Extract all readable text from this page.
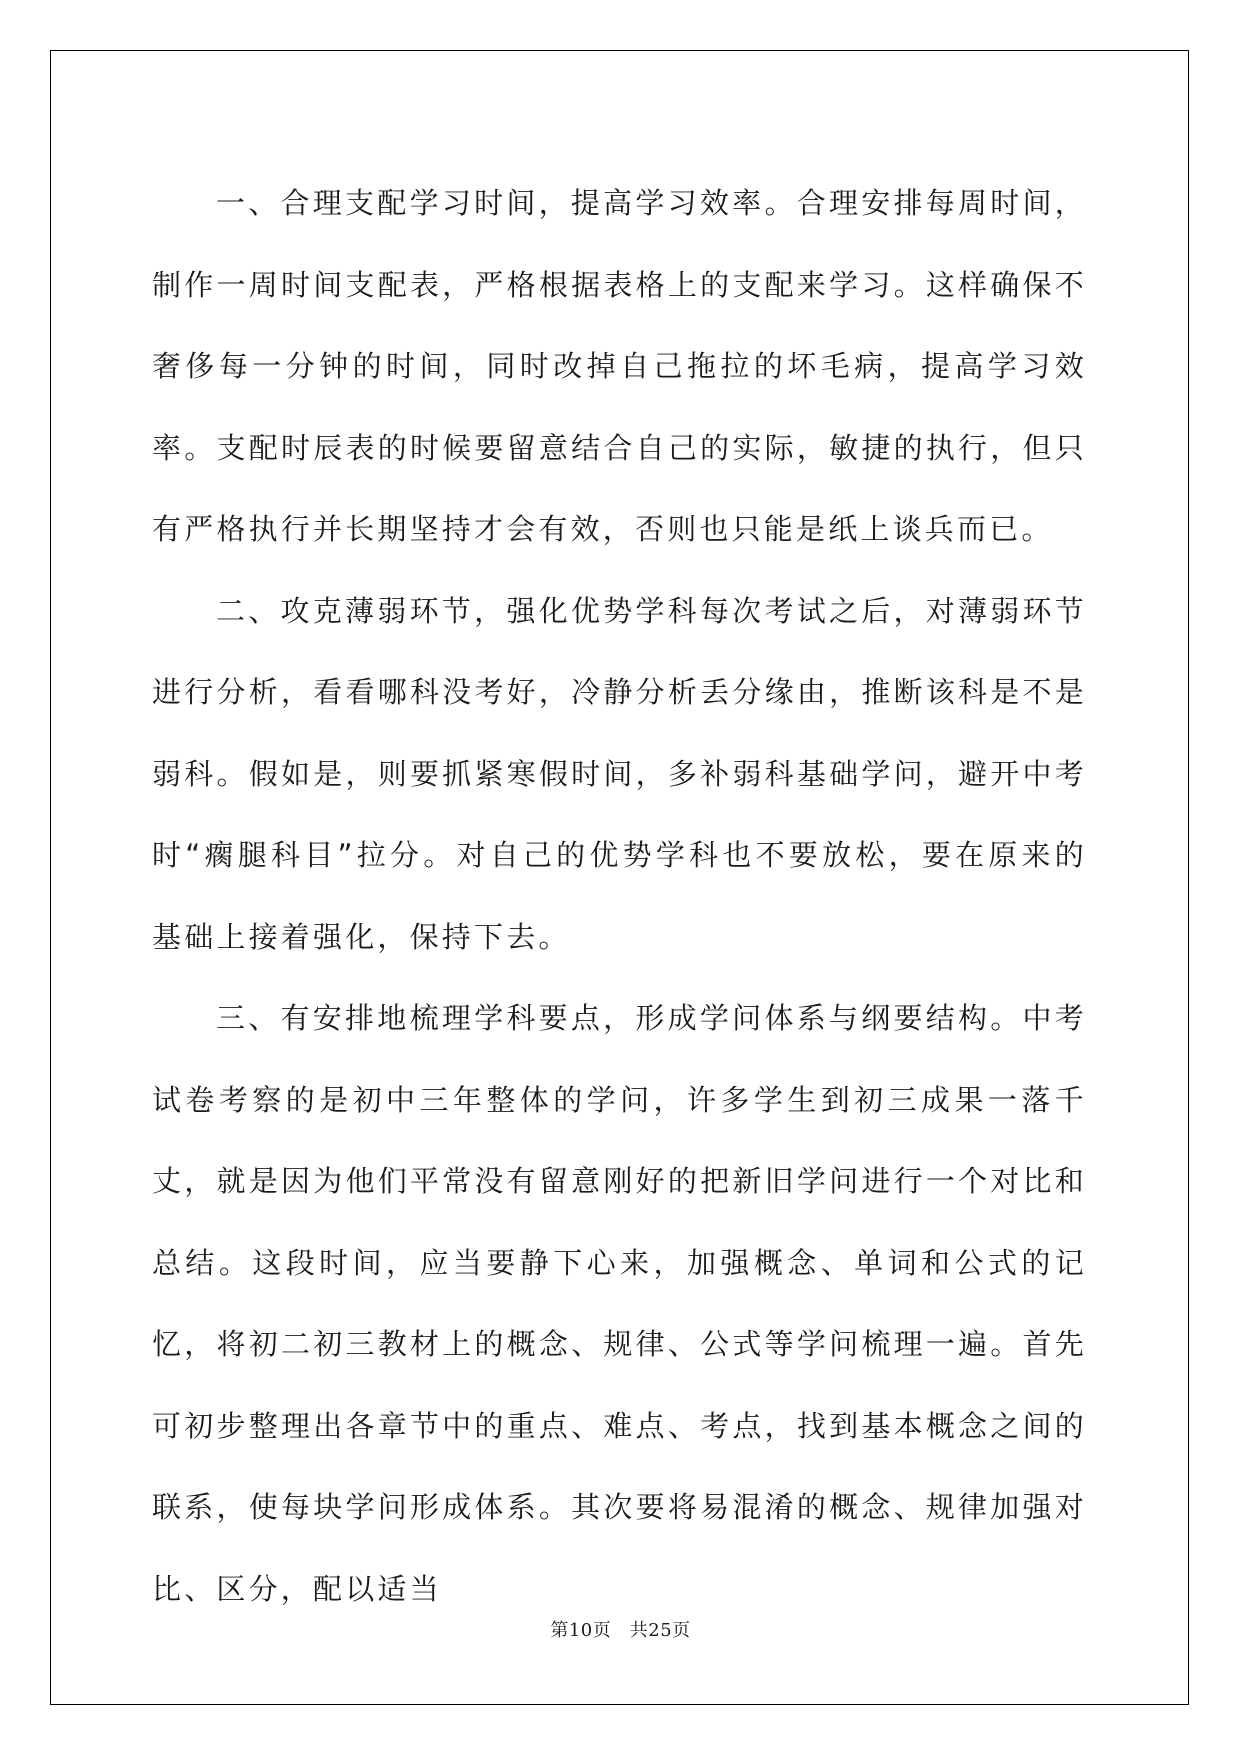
一、合理支配学习时间，提高学习效率。合理安排每周时间，制作一周时间支配表，严格根据表格上的支配来学习。这样确保不奢侈每一分钟的时间，同时改掉自己拖拉的坏毛病，提高学习效率。支配时辰表的时候要留意结合自己的实际，敏捷的执行，但只有严格执行并长期坚持才会有效，否则也只能是纸上谈兵而已。

二、攻克薄弱环节，强化优势学科每次考试之后，对薄弱环节进行分析，看看哪科没考好，冷静分析丢分缘由，推断该科是不是弱科。假如是，则要抓紧寒假时间，多补弱科基础学问，避开中考时“瘸腿科目”拉分。对自己的优势学科也不要放松，要在原来的基础上接着强化，保持下去。

三、有安排地梳理学科要点，形成学问体系与纲要结构。中考试卷考察的是初中三年整体的学问，许多学生到初三成果一落千丈，就是因为他们平常没有留意刚好的把新旧学问进行一个对比和总结。这段时间，应当要静下心来，加强概念、单词和公式的记忆，将初二初三教材上的概念、规律、公式等学问梳理一遍。首先可初步整理出各章节中的重点、难点、考点，找到基本概念之间的联系，使每块学问形成体系。其次要将易混淆的概念、规律加强对比、区分，配以适当

第10页　共25页
